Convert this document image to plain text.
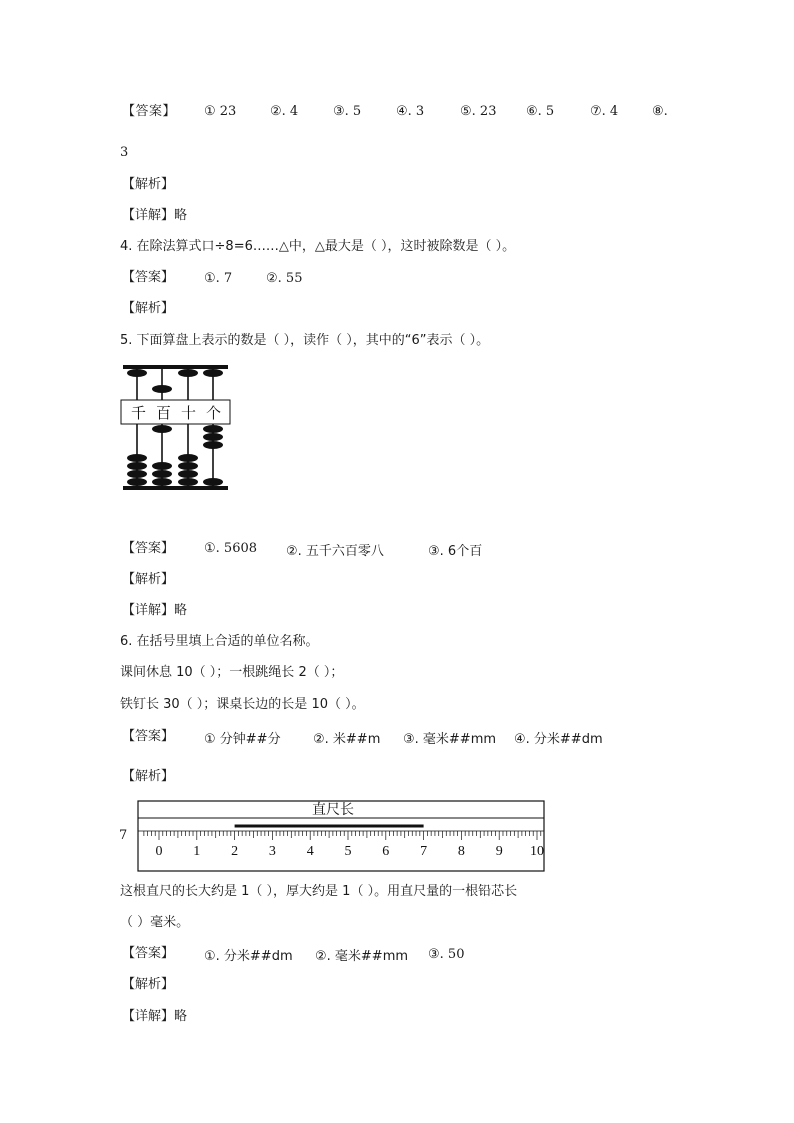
【答案】 ① 23	②. 4	③. 5	④. 3	⑤. 23 ⑥. 5	⑦. 4	⑧.
3
【解析】
【详解】略
4. 在除法算式口÷8=6……△中，△最大是（ ），这时被除数是（ ）。
【答案】 ①. 7	②. 55
【解析】
5. 下面算盘上表示的数是（ ），读作（ ），其中的“6”表示（ ）。
千 百 十 个
【答案】 ①. 5608 ②. 五千六百零八	③. 6个百
【解析】
【详解】略
6. 在括号里填上合适的单位名称。
课间休息 10（ ）；一根跳绳长 2（ ）；
铁钉长 30（ ）；课桌长边的长是 10（ ）。
【答案】 ① 分钟##分 ②. 米##m ③. 毫米##mm ④. 分米##dm
【解析】
7
直尺长
0 1 2 3 4 5 6 7 8 9 10
这根直尺的长大约是 1（ ），厚大约是 1（ ）。用直尺量的一根铅芯长
（ ）毫米。
【答案】 ①. 分米##dm ②. 毫米##mm ③. 50
【解析】
【详解】略
